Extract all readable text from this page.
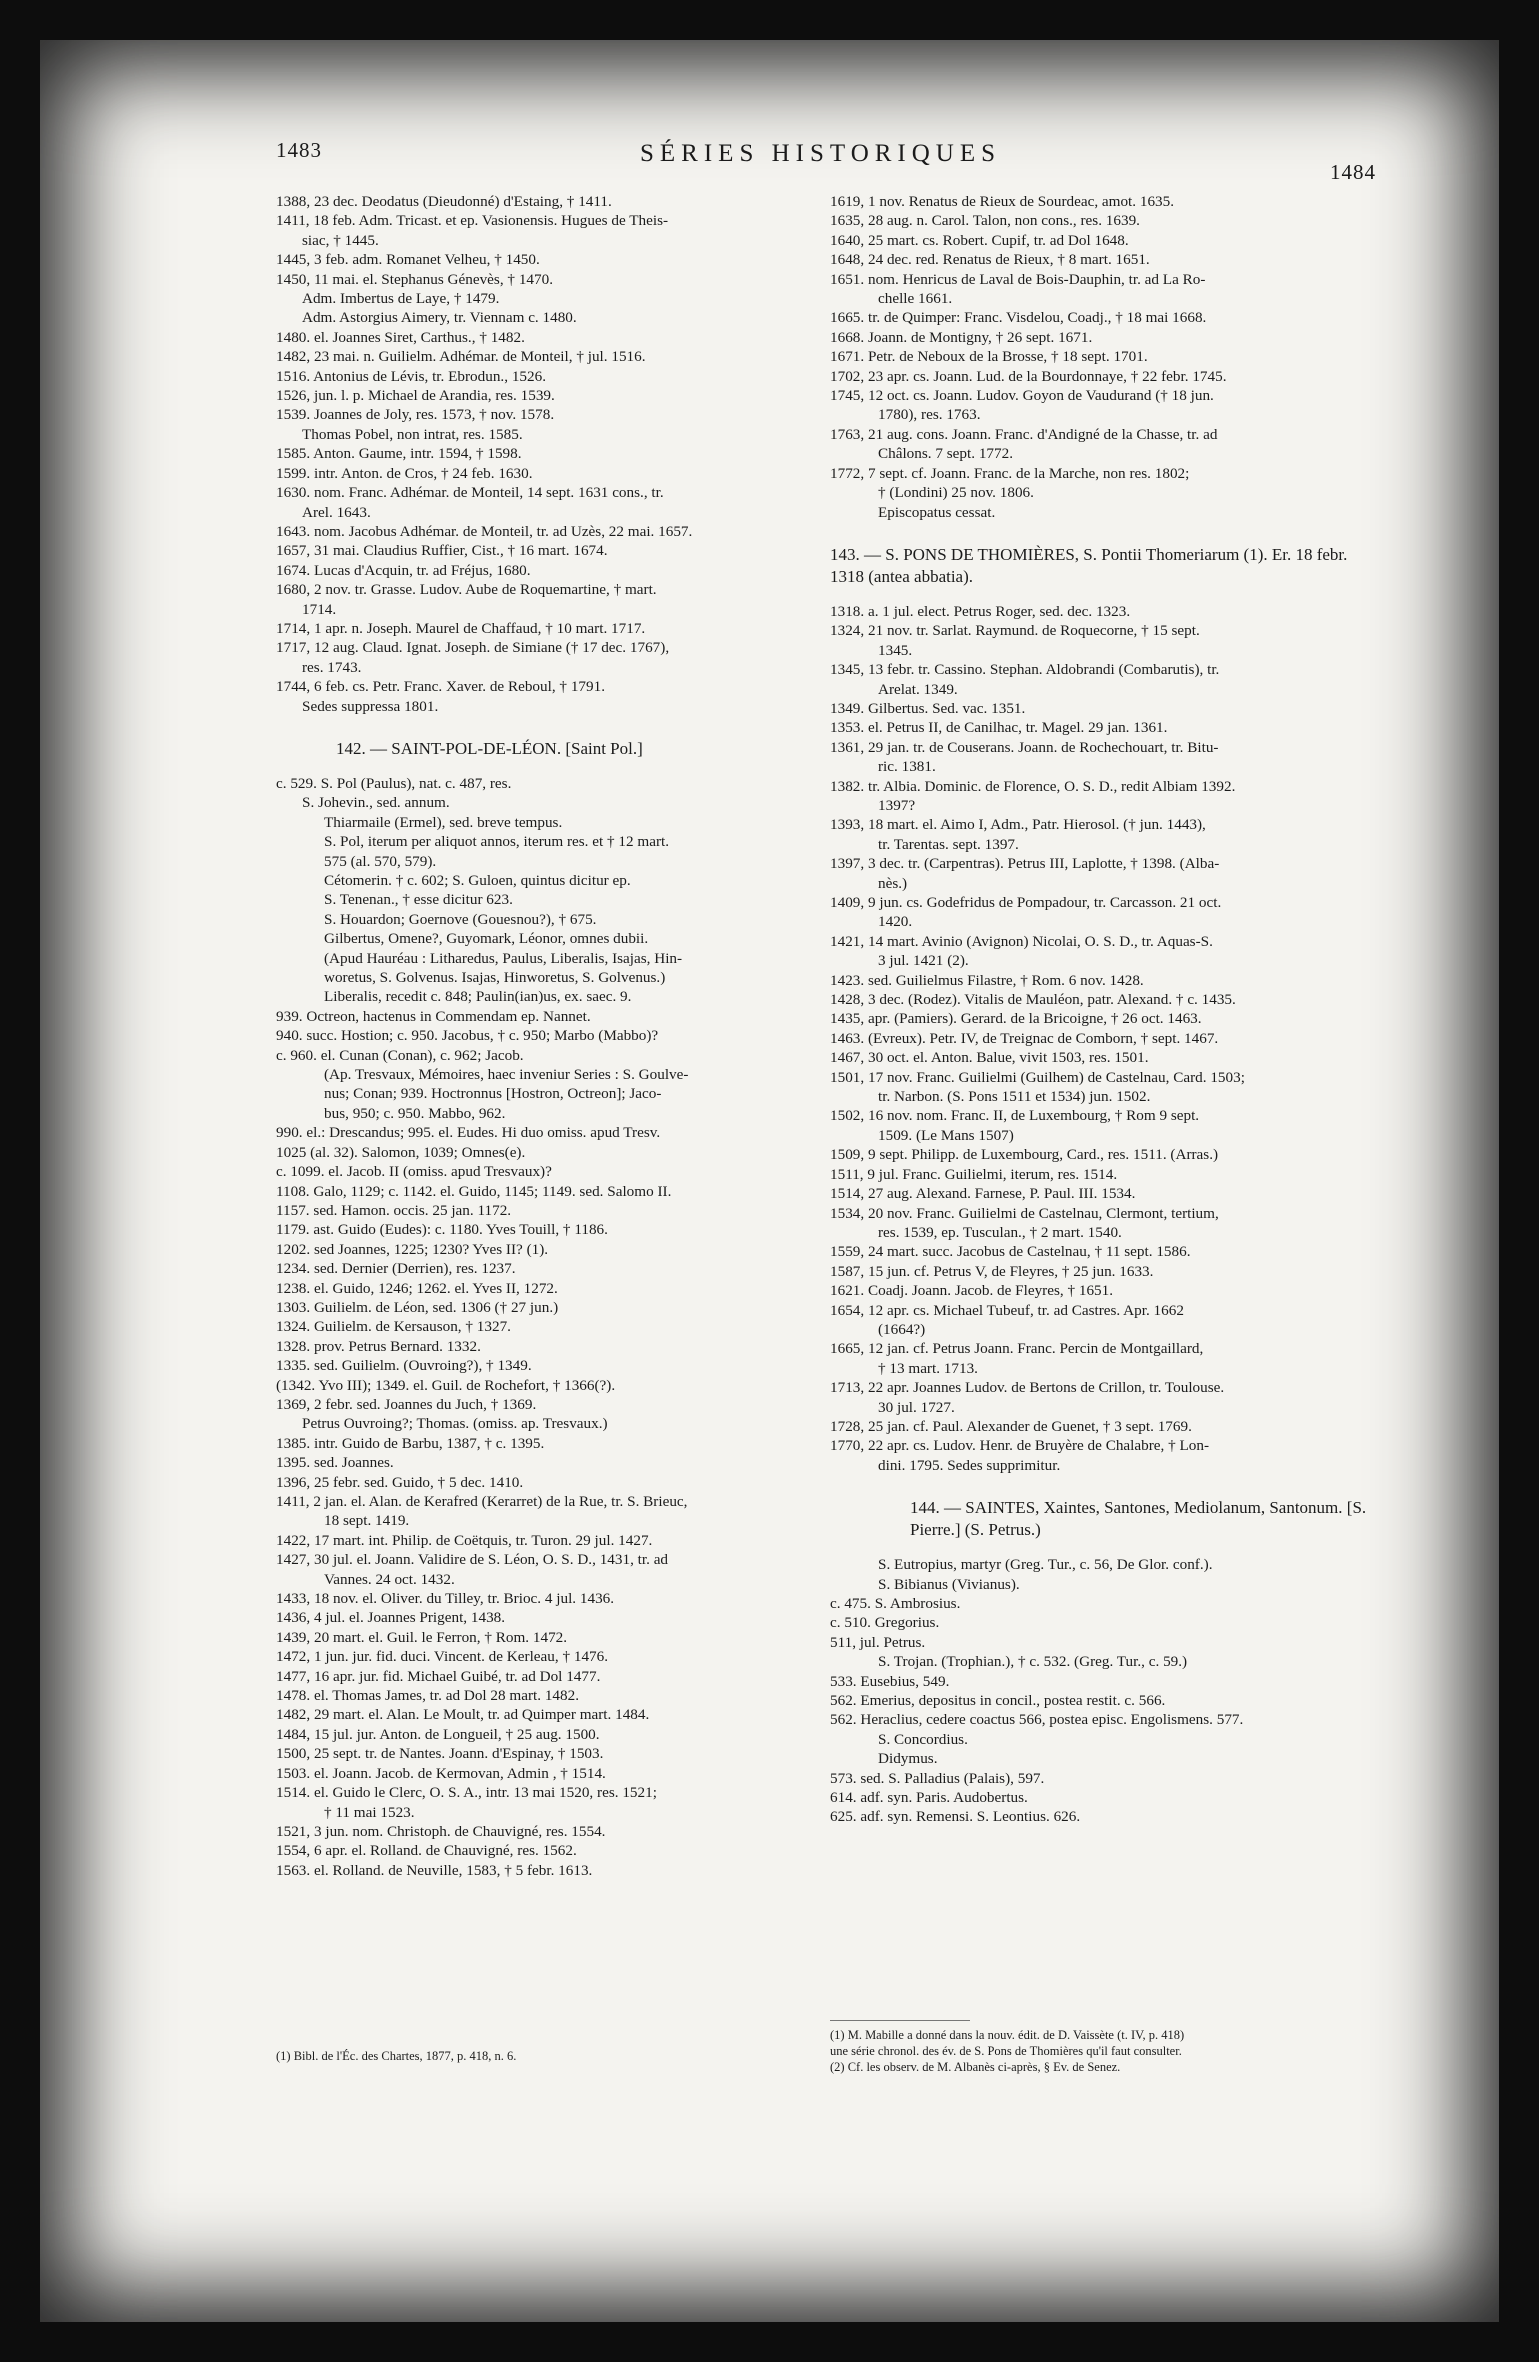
1483	SÉRIES HISTORIQUES
1484
1388, 23 dec. Deodatus (Dieudonné) d'Estaing, † 1411.
1411, 18 feb. Adm. Tricast. et ep. Vasionensis. Hugues de Theis-
siac, † 1445.
1445, 3 feb. adm. Romanet Velheu, † 1450.
1450, 11 mai. el. Stephanus Génevès, † 1470.
Adm. Imbertus de Laye, † 1479.
Adm. Astorgius Aimery, tr. Viennam c. 1480.
1480. el. Joannes Siret, Carthus., † 1482.
1482, 23 mai. n. Guilielm. Adhémar. de Monteil, † jul. 1516.
1516. Antonius de Lévis, tr. Ebrodun., 1526.
1526, jun. l. p. Michael de Arandia, res. 1539.
1539. Joannes de Joly, res. 1573, † nov. 1578.
Thomas Pobel, non intrat, res. 1585.
1585. Anton. Gaume, intr. 1594, † 1598.
1599. intr. Anton. de Cros, † 24 feb. 1630.
1630. nom. Franc. Adhémar. de Monteil, 14 sept. 1631 cons., tr.
Arel. 1643.
1643. nom. Jacobus Adhémar. de Monteil, tr. ad Uzès, 22 mai. 1657.
1657, 31 mai. Claudius Ruffier, Cist., † 16 mart. 1674.
1674. Lucas d'Acquin, tr. ad Fréjus, 1680.
1680, 2 nov. tr. Grasse. Ludov. Aube de Roquemartine, † mart.
1714.
1714, 1 apr. n. Joseph. Maurel de Chaffaud, † 10 mart. 1717.
1717, 12 aug. Claud. Ignat. Joseph. de Simiane († 17 dec. 1767),
res. 1743.
1744, 6 feb. cs. Petr. Franc. Xaver. de Reboul, † 1791.
Sedes suppressa 1801.
142. — SAINT-POL-DE-LÉON. [Saint Pol.]
c. 529. S. Pol (Paulus), nat. c. 487, res.
S. Johevin., sed. annum.
Thiarmaile (Ermel), sed. breve tempus.
S. Pol, iterum per aliquot annos, iterum res. et † 12 mart.
575 (al. 570, 579).
Cétomerin. † c. 602; S. Guloen, quintus dicitur ep.
S. Tenenan., † esse dicitur 623.
S. Houardon; Goernove (Gouesnou?), † 675.
Gilbertus, Omene?, Guyomark, Léonor, omnes dubii.
(Apud Hauréau : Litharedus, Paulus, Liberalis, Isajas, Hin-
woretus, S. Golvenus. Isajas, Hinworetus, S. Golvenus.)
Liberalis, recedit c. 848; Paulin(ian)us, ex. saec. 9.
939. Octreon, hactenus in Commendam ep. Nannet.
940. succ. Hostion; c. 950. Jacobus, † c. 950; Marbo (Mabbo)?
c. 960. el. Cunan (Conan), c. 962; Jacob.
(Ap. Tresvaux, Mémoires, haec inveniur Series : S. Goulve-
nus; Conan; 939. Hoctronnus [Hostron, Octreon]; Jaco-
bus, 950; c. 950. Mabbo, 962.
990. el.: Drescandus; 995. el. Eudes. Hi duo omiss. apud Tresv.
1025 (al. 32). Salomon, 1039; Omnes(e).
c. 1099. el. Jacob. II (omiss. apud Tresvaux)?
1108. Galo, 1129; c. 1142. el. Guido, 1145; 1149. sed. Salomo II.
1157. sed. Hamon. occis. 25 jan. 1172.
1179. ast. Guido (Eudes): c. 1180. Yves Touill, † 1186.
1202. sed Joannes, 1225; 1230? Yves II? (1).
1234. sed. Dernier (Derrien), res. 1237.
1238. el. Guido, 1246; 1262. el. Yves II, 1272.
1303. Guilielm. de Léon, sed. 1306 († 27 jun.)
1324. Guilielm. de Kersauson, † 1327.
1328. prov. Petrus Bernard. 1332.
1335. sed. Guilielm. (Ouvroing?), † 1349.
(1342. Yvo III); 1349. el. Guil. de Rochefort, † 1366(?).
1369, 2 febr. sed. Joannes du Juch, † 1369.
Petrus Ouvroing?; Thomas. (omiss. ap. Tresvaux.)
1385. intr. Guido de Barbu, 1387, † c. 1395.
1395. sed. Joannes.
1396, 25 febr. sed. Guido, † 5 dec. 1410.
1411, 2 jan. el. Alan. de Kerafred (Kerarret) de la Rue, tr. S. Brieuc,
18 sept. 1419.
1422, 17 mart. int. Philip. de Coëtquis, tr. Turon. 29 jul. 1427.
1427, 30 jul. el. Joann. Validire de S. Léon, O. S. D., 1431, tr. ad
Vannes. 24 oct. 1432.
1433, 18 nov. el. Oliver. du Tilley, tr. Brioc. 4 jul. 1436.
1436, 4 jul. el. Joannes Prigent, 1438.
1439, 20 mart. el. Guil. le Ferron, † Rom. 1472.
1472, 1 jun. jur. fid. duci. Vincent. de Kerleau, † 1476.
1477, 16 apr. jur. fid. Michael Guibé, tr. ad Dol 1477.
1478. el. Thomas James, tr. ad Dol 28 mart. 1482.
1482, 29 mart. el. Alan. Le Moult, tr. ad Quimper mart. 1484.
1484, 15 jul. jur. Anton. de Longueil, † 25 aug. 1500.
1500, 25 sept. tr. de Nantes. Joann. d'Espinay, † 1503.
1503. el. Joann. Jacob. de Kermovan, Admin , † 1514.
1514. el. Guido le Clerc, O. S. A., intr. 13 mai 1520, res. 1521;
† 11 mai 1523.
1521, 3 jun. nom. Christoph. de Chauvigné, res. 1554.
1554, 6 apr. el. Rolland. de Chauvigné, res. 1562.
1563. el. Rolland. de Neuville, 1583, † 5 febr. 1613.
1619, 1 nov. Renatus de Rieux de Sourdeac, amot. 1635.
1635, 28 aug. n. Carol. Talon, non cons., res. 1639.
1640, 25 mart. cs. Robert. Cupif, tr. ad Dol 1648.
1648, 24 dec. red. Renatus de Rieux, † 8 mart. 1651.
1651. nom. Henricus de Laval de Bois-Dauphin, tr. ad La Ro-
chelle 1661.
1665. tr. de Quimper: Franc. Visdelou, Coadj., † 18 mai 1668.
1668. Joann. de Montigny, † 26 sept. 1671.
1671. Petr. de Neboux de la Brosse, † 18 sept. 1701.
1702, 23 apr. cs. Joann. Lud. de la Bourdonnaye, † 22 febr. 1745.
1745, 12 oct. cs. Joann. Ludov. Goyon de Vaudurand († 18 jun.
1780), res. 1763.
1763, 21 aug. cons. Joann. Franc. d'Andigné de la Chasse, tr. ad
Châlons. 7 sept. 1772.
1772, 7 sept. cf. Joann. Franc. de la Marche, non res. 1802;
† (Londini) 25 nov. 1806.
Episcopatus cessat.
143. — S. PONS DE THOMIÈRES, S. Pontii Thomeriarum (1). Er. 18 febr. 1318 (antea abbatia).
1318. a. 1 jul. elect. Petrus Roger, sed. dec. 1323.
1324, 21 nov. tr. Sarlat. Raymund. de Roquecorne, † 15 sept.
1345.
1345, 13 febr. tr. Cassino. Stephan. Aldobrandi (Combarutis), tr.
Arelat. 1349.
1349. Gilbertus. Sed. vac. 1351.
1353. el. Petrus II, de Canilhac, tr. Magel. 29 jan. 1361.
1361, 29 jan. tr. de Couserans. Joann. de Rochechouart, tr. Bitu-
ric. 1381.
1382. tr. Albia. Dominic. de Florence, O. S. D., redit Albiam 1392.
1397?
1393, 18 mart. el. Aimo I, Adm., Patr. Hierosol. († jun. 1443),
tr. Tarentas. sept. 1397.
1397, 3 dec. tr. (Carpentras). Petrus III, Laplotte, † 1398. (Alba-
nès.)
1409, 9 jun. cs. Godefridus de Pompadour, tr. Carcasson. 21 oct.
1420.
1421, 14 mart. Avinio (Avignon) Nicolai, O. S. D., tr. Aquas-S.
3 jul. 1421 (2).
1423. sed. Guilielmus Filastre, † Rom. 6 nov. 1428.
1428, 3 dec. (Rodez). Vitalis de Mauléon, patr. Alexand. † c. 1435.
1435, apr. (Pamiers). Gerard. de la Bricoigne, † 26 oct. 1463.
1463. (Evreux). Petr. IV, de Treignac de Comborn, † sept. 1467.
1467, 30 oct. el. Anton. Balue, vivit 1503, res. 1501.
1501, 17 nov. Franc. Guilielmi (Guilhem) de Castelnau, Card. 1503;
tr. Narbon. (S. Pons 1511 et 1534) jun. 1502.
1502, 16 nov. nom. Franc. II, de Luxembourg, † Rom 9 sept.
1509. (Le Mans 1507)
1509, 9 sept. Philipp. de Luxembourg, Card., res. 1511. (Arras.)
1511, 9 jul. Franc. Guilielmi, iterum, res. 1514.
1514, 27 aug. Alexand. Farnese, P. Paul. III. 1534.
1534, 20 nov. Franc. Guilielmi de Castelnau, Clermont, tertium,
res. 1539, ep. Tusculan., † 2 mart. 1540.
1559, 24 mart. succ. Jacobus de Castelnau, † 11 sept. 1586.
1587, 15 jun. cf. Petrus V, de Fleyres, † 25 jun. 1633.
1621. Coadj. Joann. Jacob. de Fleyres, † 1651.
1654, 12 apr. cs. Michael Tubeuf, tr. ad Castres. Apr. 1662
(1664?)
1665, 12 jan. cf. Petrus Joann. Franc. Percin de Montgaillard,
† 13 mart. 1713.
1713, 22 apr. Joannes Ludov. de Bertons de Crillon, tr. Toulouse.
30 jul. 1727.
1728, 25 jan. cf. Paul. Alexander de Guenet, † 3 sept. 1769.
1770, 22 apr. cs. Ludov. Henr. de Bruyère de Chalabre, † Lon-
dini. 1795. Sedes supprimitur.
144. — SAINTES, Xaintes, Santones, Mediolanum, Santonum. [S. Pierre.] (S. Petrus.)
S. Eutropius, martyr (Greg. Tur., c. 56, De Glor. conf.).
S. Bibianus (Vivianus).
c. 475. S. Ambrosius.
c. 510. Gregorius.
511, jul. Petrus.
S. Trojan. (Trophian.), † c. 532. (Greg. Tur., c. 59.)
533. Eusebius, 549.
562. Emerius, depositus in concil., postea restit. c. 566.
562. Heraclius, cedere coactus 566, postea episc. Engolismens. 577.
S. Concordius.
Didymus.
573. sed. S. Palladius (Palais), 597.
614. adf. syn. Paris. Audobertus.
625. adf. syn. Remensi. S. Leontius. 626.
(1) Bibl. de l'Éc. des Chartes, 1877, p. 418, n. 6.
(1) M. Mabille a donné dans la nouv. édit. de D. Vaissète (t. IV, p. 418)
une série chronol. des év. de S. Pons de Thomières qu'il faut consulter.
(2) Cf. les observ. de M. Albanès ci-après, § Ev. de Senez.
